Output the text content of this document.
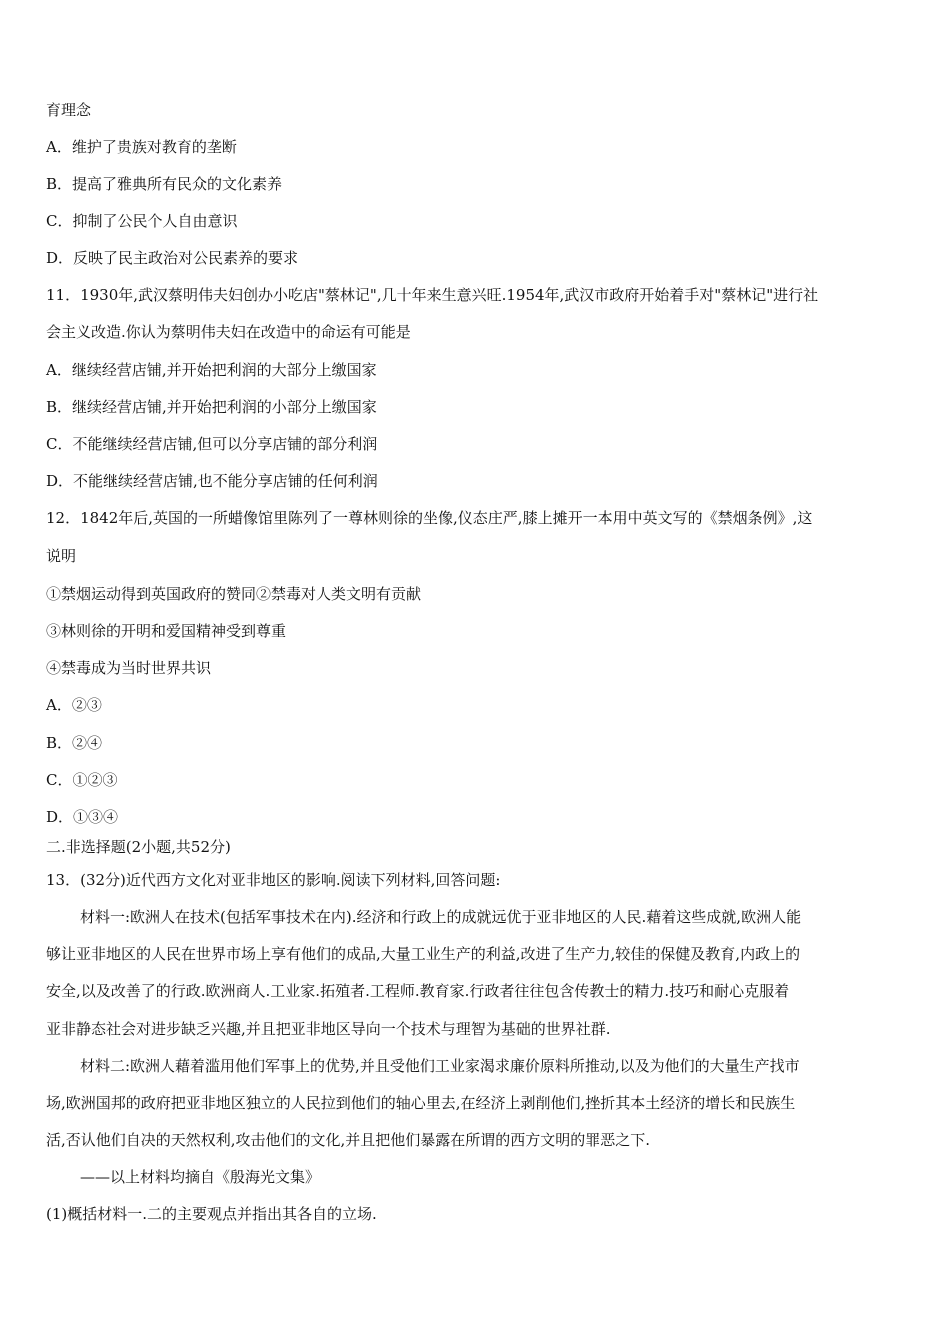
育理念
A．维护了贵族对教育的垄断
B．提高了雅典所有民众的文化素养
C．抑制了公民个人自由意识
D．反映了民主政治对公民素养的要求
11．1930年,武汉蔡明伟夫妇创办小吃店"蔡林记",几十年来生意兴旺.1954年,武汉市政府开始着手对"蔡林记"进行社
会主义改造.你认为蔡明伟夫妇在改造中的命运有可能是
A．继续经营店铺,并开始把利润的大部分上缴国家
B．继续经营店铺,并开始把利润的小部分上缴国家
C．不能继续经营店铺,但可以分享店铺的部分利润
D．不能继续经营店铺,也不能分享店铺的任何利润
12．1842年后,英国的一所蜡像馆里陈列了一尊林则徐的坐像,仪态庄严,膝上摊开一本用中英文写的《禁烟条例》,这
说明
①禁烟运动得到英国政府的赞同②禁毒对人类文明有贡献
③林则徐的开明和爱国精神受到尊重
④禁毒成为当时世界共识
A．②③
B．②④
C．①②③
D．①③④
二.非选择题(2小题,共52分)
13．(32分)近代西方文化对亚非地区的影响.阅读下列材料,回答问题:
材料一:欧洲人在技术(包括军事技术在内).经济和行政上的成就远优于亚非地区的人民.藉着这些成就,欧洲人能
够让亚非地区的人民在世界市场上享有他们的成品,大量工业生产的利益,改进了生产力,较佳的保健及教育,内政上的
安全,以及改善了的行政.欧洲商人.工业家.拓殖者.工程师.教育家.行政者往往包含传教士的精力.技巧和耐心克服着
亚非静态社会对进步缺乏兴趣,并且把亚非地区导向一个技术与理智为基础的世界社群.
材料二:欧洲人藉着滥用他们军事上的优势,并且受他们工业家渴求廉价原料所推动,以及为他们的大量生产找市
场,欧洲国邦的政府把亚非地区独立的人民拉到他们的轴心里去,在经济上剥削他们,挫折其本土经济的增长和民族生
活,否认他们自决的天然权利,攻击他们的文化,并且把他们暴露在所谓的西方文明的罪恶之下.
——以上材料均摘自《殷海光文集》
(1)概括材料一.二的主要观点并指出其各自的立场.
